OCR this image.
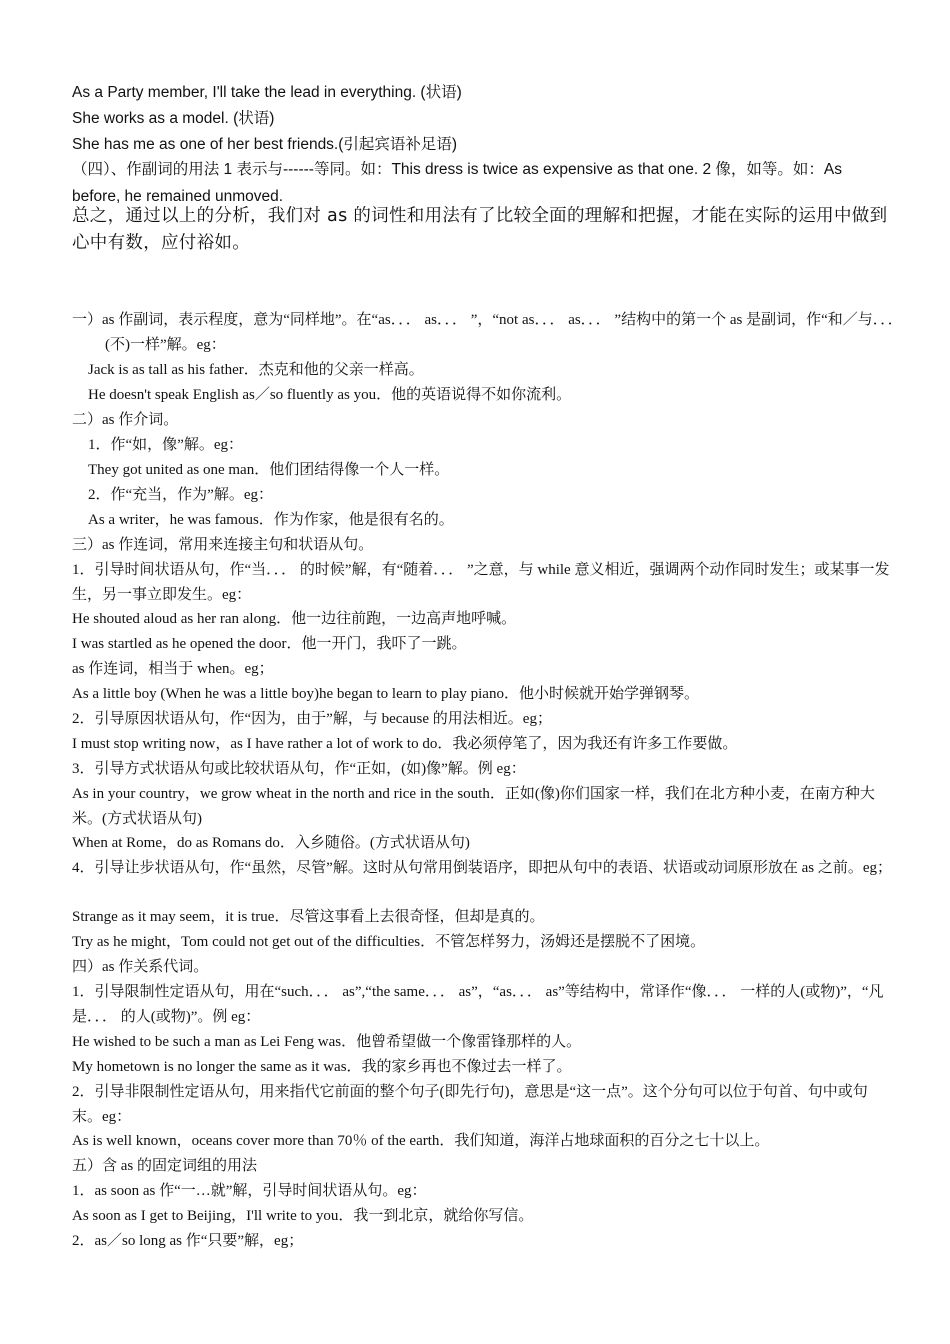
As a Party member, I'll take the lead in everything. (状语)
She works as a model. (状语)
She has me as one of her best friends.(引起宾语补足语)
（四）、作副词的用法 1 表示与------等同。如：This dress is twice as expensive as that one. 2 像，如等。如：As before, he remained unmoved.
总之，通过以上的分析，我们对 as 的词性和用法有了比较全面的理解和把握，才能在实际的运用中做到心中有数，应付裕如。
一）as 作副词，表示程度，意为“同样地”。在“as．．． as．．． ”，“not as．．． as．．． ”结构中的第一个 as 是副词，作“和／与．．． (不)一样”解。eg：
Jack is as tall as his father．杰克和他的父亲一样高。
He doesn't speak English as／so fluently as you．他的英语说得不如你流利。
二）as 作介词。
1．作“如，像”解。eg：
They got united as one man．他们团结得像一个人一样。
2．作“充当，作为”解。eg：
As a writer，he was famous．作为作家，他是很有名的。
三）as 作连词，常用来连接主句和状语从句。
1．引导时间状语从句，作“当．．． 的时候”解，有“随着．．． ”之意，与 while 意义相近，强调两个动作同时发生；或某事一发生，另一事立即发生。eg：
He shouted aloud as her ran along．他一边往前跑，一边高声地呼喊。
I was startled as he opened the door．他一开门，我吓了一跳。
as 作连词，相当于 when。eg；
As a little boy (When he was a little boy)he began to learn to play piano．他小时候就开始学弹钢琴。
2．引导原因状语从句，作“因为，由于”解，与 because 的用法相近。eg；
I must stop writing now，as I have rather a lot of work to do．我必须停笔了，因为我还有许多工作要做。
3．引导方式状语从句或比较状语从句，作“正如，(如)像”解。例 eg：
As in your country，we grow wheat in the north and rice in the south．正如(像)你们国家一样，我们在北方种小麦，在南方种大米。(方式状语从句)
When at Rome，do as Romans do．入乡随俗。(方式状语从句)
4．引导让步状语从句，作“虽然，尽管”解。这时从句常用倒装语序，即把从句中的表语、状语或动词原形放在 as 之前。eg；
Strange as it may seem，it is true．尽管这事看上去很奇怪，但却是真的。
Try as he might，Tom could not get out of the difficulties．不管怎样努力，汤姆还是摆脱不了困境。
四）as 作关系代词。
1．引导限制性定语从句，用在“such．．． as”,“the same．．． as”，“as．．． as”等结构中，常译作“像．．． 一样的人(或物)”，“凡是．．． 的人(或物)”。例 eg：
He wished to be such a man as Lei Feng was．他曾希望做一个像雷锋那样的人。
My hometown is no longer the same as it was．我的家乡再也不像过去一样了。
2．引导非限制性定语从句，用来指代它前面的整个句子(即先行句)，意思是“这一点”。这个分句可以位于句首、句中或句末。eg：
As is well known，oceans cover more than 70％ of the earth．我们知道，海洋占地球面积的百分之七十以上。
五）含 as 的固定词组的用法
1．as soon as 作“一…就”解，引导时间状语从句。eg：
As soon as I get to Beijing，I'll write to you．我一到北京，就给你写信。
2．as／so long as 作“只要”解，eg；
